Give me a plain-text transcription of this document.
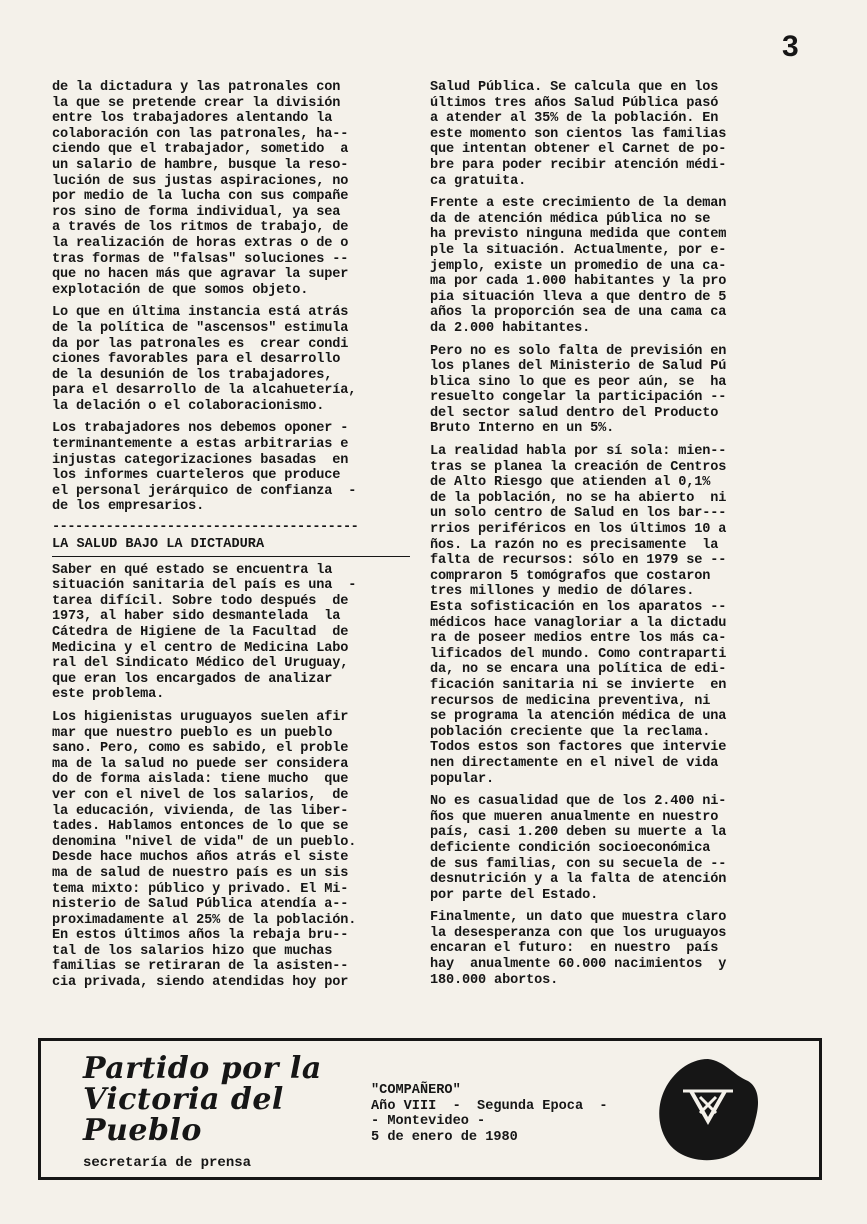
3

de la dictadura y las patronales con
la que se pretende crear la división
entre los trabajadores alentando la
colaboración con las patronales, ha--
ciendo que el trabajador, sometido  a
un salario de hambre, busque la reso-
lución de sus justas aspiraciones, no
por medio de la lucha con sus compañe
ros sino de forma individual, ya sea
a través de los ritmos de trabajo, de
la realización de horas extras o de o
tras formas de "falsas" soluciones --
que no hacen más que agravar la super
explotación de que somos objeto.

Lo que en última instancia está atrás
de la política de "ascensos" estimula
da por las patronales es  crear condi
ciones favorables para el desarrollo
de la desunión de los trabajadores,
para el desarrollo de la alcahuetería,
la delación o el colaboracionismo.

Los trabajadores nos debemos oponer -
terminantemente a estas arbitrarias e
injustas categorizaciones basadas  en
los informes cuarteleros que produce
el personal jerárquico de confianza  -
de los empresarios.

----------------------------------------
LA SALUD BAJO LA DICTADURA

Saber en qué estado se encuentra la
situación sanitaria del país es una  -
tarea difícil. Sobre todo después  de
1973, al haber sido desmantelada  la
Cátedra de Higiene de la Facultad  de
Medicina y el centro de Medicina Labo
ral del Sindicato Médico del Uruguay,
que eran los encargados de analizar
este problema.

Los higienistas uruguayos suelen afir
mar que nuestro pueblo es un pueblo
sano. Pero, como es sabido, el proble
ma de la salud no puede ser considera
do de forma aislada: tiene mucho  que
ver con el nivel de los salarios,  de
la educación, vivienda, de las liber-
tades. Hablamos entonces de lo que se
denomina "nivel de vida" de un pueblo.
Desde hace muchos años atrás el siste
ma de salud de nuestro país es un sis
tema mixto: público y privado. El Mi-
nisterio de Salud Pública atendía a--
proximadamente al 25% de la población.
En estos últimos años la rebaja bru--
tal de los salarios hizo que muchas
familias se retiraran de la asisten--
cia privada, siendo atendidas hoy por

Salud Pública. Se calcula que en los
últimos tres años Salud Pública pasó
a atender al 35% de la población. En
este momento son cientos las familias
que intentan obtener el Carnet de po-
bre para poder recibir atención médi-
ca gratuita.

Frente a este crecimiento de la deman
da de atención médica pública no se
ha previsto ninguna medida que contem
ple la situación. Actualmente, por e-
jemplo, existe un promedio de una ca-
ma por cada 1.000 habitantes y la pro
pia situación lleva a que dentro de 5
años la proporción sea de una cama ca
da 2.000 habitantes.

Pero no es solo falta de previsión en
los planes del Ministerio de Salud Pú
blica sino lo que es peor aún, se  ha
resuelto congelar la participación --
del sector salud dentro del Producto
Bruto Interno en un 5%.

La realidad habla por sí sola: mien--
tras se planea la creación de Centros
de Alto Riesgo que atienden al 0,1%
de la población, no se ha abierto  ni
un solo centro de Salud en los bar---
rrios periféricos en los últimos 10 a
ños. La razón no es precisamente  la
falta de recursos: sólo en 1979 se --
compraron 5 tomógrafos que costaron
tres millones y medio de dólares.
Esta sofisticación en los aparatos --
médicos hace vanagloriar a la dictadu
ra de poseer medios entre los más ca-
lificados del mundo. Como contraparti
da, no se encara una política de edi-
ficación sanitaria ni se invierte  en
recursos de medicina preventiva, ni
se programa la atención médica de una
población creciente que la reclama.
Todos estos son factores que intervie
nen directamente en el nivel de vida
popular.

No es casualidad que de los 2.400 ni-
ños que mueren anualmente en nuestro
país, casi 1.200 deben su muerte a la
deficiente condición socioeconómica
de sus familias, con su secuela de --
desnutrición y a la falta de atención
por parte del Estado.

Finalmente, un dato que muestra claro
la desesperanza con que los uruguayos
encaran el futuro:  en nuestro  país
hay  anualmente 60.000 nacimientos  y
180.000 abortos.

Partido por la
Victoria del
Pueblo
secretaría de prensa
"COMPAÑERO"
Año VIII  -  Segunda Epoca  -
- Montevideo -
5 de enero de 1980
